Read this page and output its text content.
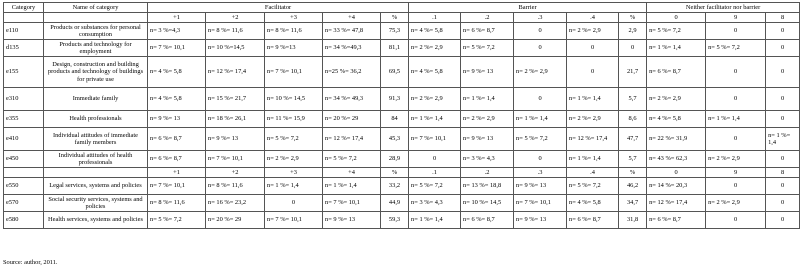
Category	Name of category	Facilitator					Barrier					Neither facilitator nor barrier		
		+1	+2	+3	+4	%	.1	.2	.3	.4	%	0	9	8
e110	Products or substances for personal consumption	n= 3 %=4,3	n= 8 %= 11,6	n= 8 %= 11,6	n= 33 %= 47,8	75,3	n= 4 %= 5,8	n= 6 %= 8,7	0	n= 2 %= 2,9	2,9	n= 5 %= 7,2	0	0
d135	Products and technology for employment	n= 7 %= 10,1	n= 10 %=14,5	n= 9 %=13	n= 34 %=49,3	81,1	n= 2 %= 2,9	n= 5 %= 7,2	0	0	0	n= 1 %= 1,4	n= 5 %= 7,2	0
e155	Design, construction and building products and technology of buildings for private use	n= 4 %= 5,8	n= 12 %= 17,4	n= 7 %= 10,1	n=25 %= 36,2	69,5	n= 4 %= 5,8	n= 9 %= 13	n= 2 %= 2,9	0	21,7	n= 6 %= 8,7	0	0
e310	Immediate family	n= 4 %= 5,8	n= 15 %= 21,7	n= 10 %= 14,5	n= 34 %= 49,3	91,3	n= 2 %= 2,9	n= 1 %= 1,4	0	n= 1 %= 1,4	5,7	n= 2 %= 2,9	0	0
e355	Health professionals	n= 9 %= 13	n= 18 %= 26,1	n= 11 %= 15,9	n= 20 %= 29	84	n= 1 %= 1,4	n= 2 %= 2,9	n= 1 %= 1,4	n= 2 %= 2,9	8,6	n= 4 %= 5,8	n= 1 %= 1,4	0
e410	Individual attitudes of immediate family members	n= 6 %= 8,7	n= 9 %= 13	n= 5 %= 7,2	n= 12 %= 17,4	45,3	n= 7 %= 10,1	n= 9 %= 13	n= 5 %= 7,2	n= 12 %= 17,4	47,7	n= 22 %= 31,9	0	n= 1 %= 1,4
e450	Individual attitudes of health professionals	n= 6 %= 8,7	n= 7 %= 10,1	n= 2 %= 2,9	n= 5 %= 7,2	28,9	0	n= 3 %= 4,3	0	n= 1 %= 1,4	5,7	n= 43 %= 62,3	n= 2 %= 2,9	0
		+1	+2	+3	+4	%	.1	.2	.3	.4	%	0	9	8
e550	Legal services, systems and policies	n= 7 %= 10,1	n= 8 %= 11,6	n= 1 %= 1,4	n= 1 %= 1,4	33,2	n= 5 %= 7,2	n= 13 %= 18,8	n= 9 %= 13	n= 5 %= 7,2	46,2	n= 14 %= 20,3	0	0
e570	Social security services, systems and policies	n= 8 %= 11,6	n= 16 %= 23,2	0	n= 7 %= 10,1	44,9	n= 3 %= 4,3	n= 10 %= 14,5	n= 7 %= 10,1	n= 4 %= 5,8	34,7	n= 12 %= 17,4	n= 2 %= 2,9	0
e580	Health services, systems and policies	n= 5 %= 7,2	n= 20 %= 29	n= 7 %= 10,1	n= 9 %= 13	59,3	n= 1 %= 1,4	n= 6 %= 8,7	n= 9 %= 13	n= 6 %= 8,7	31,8	n= 6 %= 8,7	0	0
Source: author, 2011.
